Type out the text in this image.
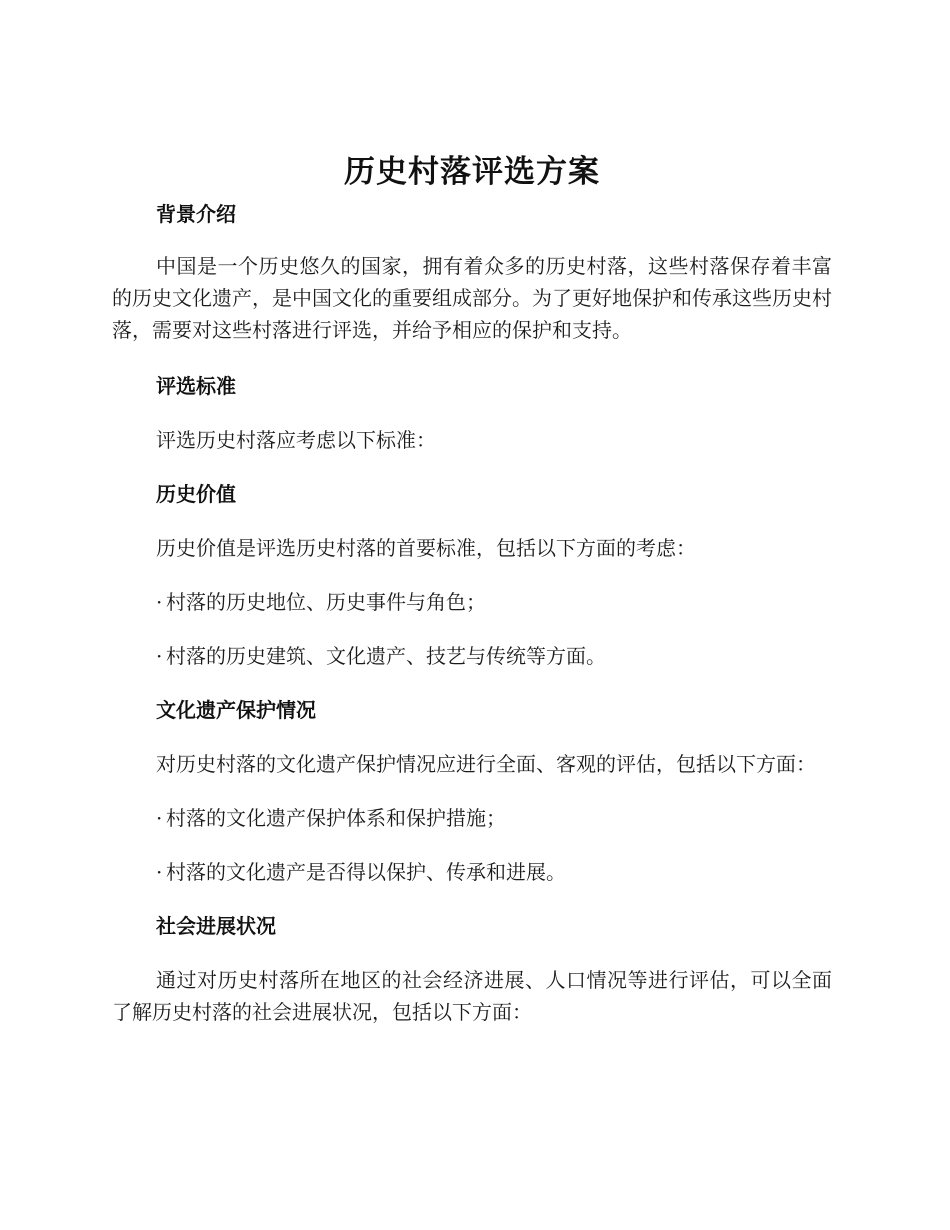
历史村落评选方案
背景介绍

中国是一个历史悠久的国家，拥有着众多的历史村落，这些村落保存着丰富的历史文化遗产，是中国文化的重要组成部分。为了更好地保护和传承这些历史村落，需要对这些村落进行评选，并给予相应的保护和支持。

评选标准

评选历史村落应考虑以下标准：

历史价值

历史价值是评选历史村落的首要标准，包括以下方面的考虑：

· 村落的历史地位、历史事件与角色；

· 村落的历史建筑、文化遗产、技艺与传统等方面。

文化遗产保护情况

对历史村落的文化遗产保护情况应进行全面、客观的评估，包括以下方面：

· 村落的文化遗产保护体系和保护措施；

· 村落的文化遗产是否得以保护、传承和进展。

社会进展状况

通过对历史村落所在地区的社会经济进展、人口情况等进行评估，可以全面了解历史村落的社会进展状况，包括以下方面：
